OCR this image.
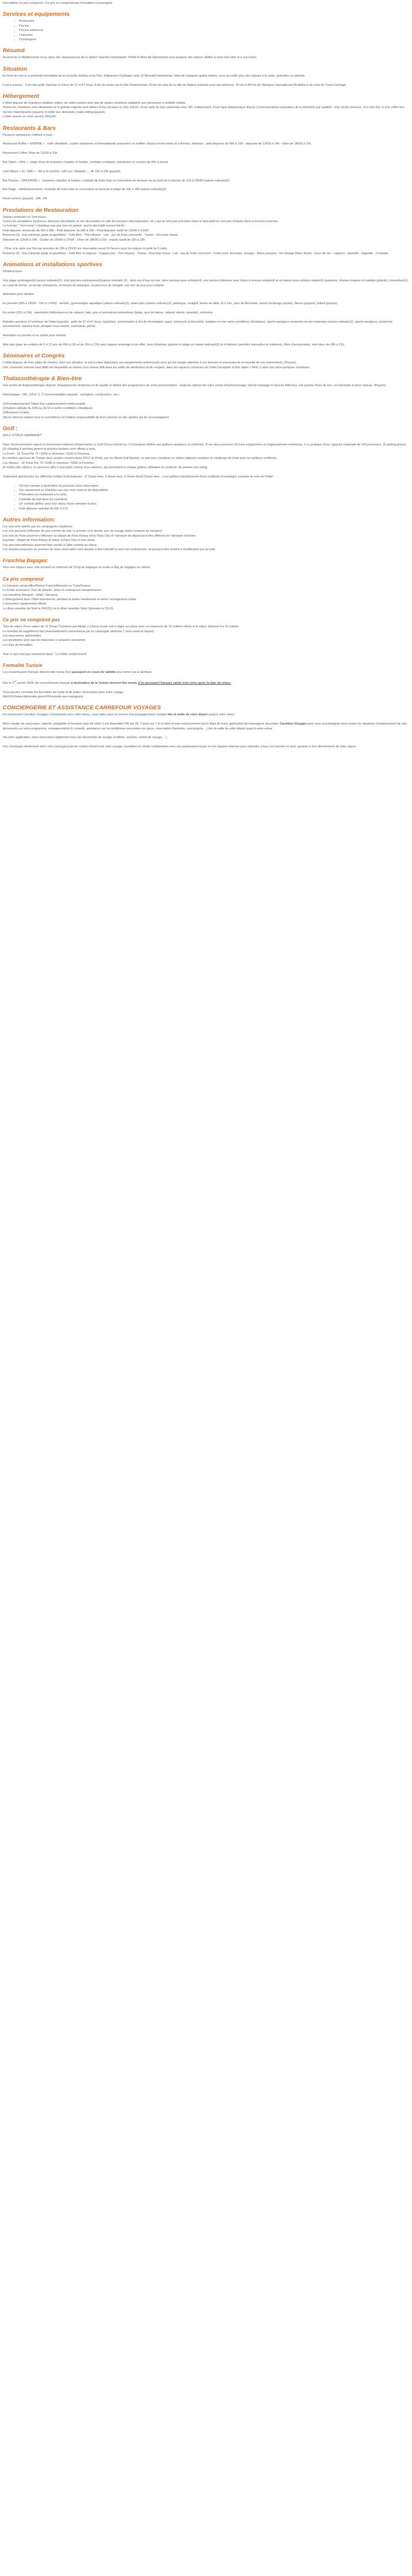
Description Ce prix comprend / Ce prix ne comprend pas Formalités Conciergerie

Services et équipements
• Restaurant
• Piscine
• Piscine extérieure
• Télévision
• Conciergerie
Résumé

Au bord de la Méditerranée et au cœur des réjouissances de la station Yasmine Hammamet, l'hôtel El Mouradi Hammamet vous propose des séjours dédiés à votre bien-être et à vos loisirs.

Situation

En front de mer et à proximité immédiate de la nouvelle médina et du Parc d'attraction Carthage Land, El Mouradi Hammamet, hôtel de catégorie quatre étoiles, vous accueille pour des séjours à la carte, animation ou détente.

Il est à environ : 6 km des golfs Yasmine et Citrus de 27 et 47 trous, 8 km du centre de la ville d'Hammamet, 20 km de celui de la ville de Nabeul (réputée pour ses poteries), 30 km et 80 km de l'Aéroport International d'Enfidha et de celui de Tunis-Carthage.

Hébergement

L'hôtel dispose de chambres doubles, triples, de suites juniors ainsi que de quatre chambres adaptées aux personnes à mobilité réduite.
Toutes les chambres sont climatisées et la grande majorité sont dotées d'une terrasse ou d'un balcon, d'une salle de bain spacieuse avec WC indépendant, d'une ligne téléphonique directe (communications payantes), de la télévision par satellite , d'un sèche-cheveux, d'un mini-bar et d'un coffre-fort. Service blanchisserie (payant), lit bébé (sur demande), baby-sitting (payant).
L'hôtel assure un room service 24h/24h.

Restaurants & Bars

Plusieurs ambiances s'offrent à vous :

Restaurant Buffet « NISRINE » : salle climatisée, cuisine tunisienne et internationale proposées en buffets chaud et froid variés et à thèmes. Horaires : petit déjeuner de 06h à 10h - déjeuner de 12h30 à 14h - dîner de 18h30 à 21h.

Restaurant Coffee Shop de 12h30 à 15h.

Bar Salon « IRIS » : large choix de boissons chaudes et froides, cocktails exotiques, spectacles en soirées de 09h à minuit.

Café Maure « EL OND » : thé à la menthe, café turc, Narguilé...., de 15h à 23h (payant).

Bar Piscine « ORCHIDÉE » : boissons chaudes et froides, cocktails de fruits frais ou concentrés en terrasse ou au bord de la piscine de 10h à 23h30 (saison estivale)(2).

Bar Plage : rafraîchissements, cocktails de fruits frais ou concentrés au bord de la plage de 10h à 18h (saison estivale)(2).

Room service (payant) : 24h. /24.

Prestations de Restauration

Séjours proposés en Tout inclus.
Toutes les prestations (boissons, boissons alcoolisées et non-alcoolisées et café de marques internationales, etc.) qui ne sont pas précisées dans le descriptif ne sont pas incluses dans la formule réservée.
La formule " Tout inclus" n'implique pas que tout est gratuit, seul le descriptif suivant fait foi :
Petit déjeuner américain de 06h à 08h - Petit déjeuner de 08h à 10h - Petit-déjeuner tardif de 10h00 à 11h30.
Boissons (3) : Eau minérale (plate et gazéifiée) - Café filtre - Thé infusion - Lait - Jus de fruits concentré - Tisane - Chocolat chaud.
Déjeuner de 12h30 à 14h - Goûter de 15h00 à 17h00 - Dîner de 18h30 à 21h - snacks tardif de 22h à 23h.

- Dîner à la carte une fois par semaine de 19h à 21h30 sur réservation avant 24 heures pour les séjours à partir de 5 nuits.
Boissons (3) : Eau minérale (plate et gazéifiée) - Café filtre et express - Cappuccino - Thé infusion - Tisane - Chocolat chaud - Lait - Jus de fruits concentré - Soda (cola, limonade, orange) - Bière pression - Vin (Rouge Blanc Rosé) - Eaux de Vie - Liqueurs - Apéritifs - Digestifs - Cocktails.

Animations et installations sportives

Infrastructures

Une plage aménagée(4) (saison estivale)(2), trois piscines extérieures(4)(saison estivale) (2) , dont une d'eau de mer, deux piscines pour enfants(4), une piscine intérieure avec bains à remous intégré(4) et un bassin pour enfants séparé(4) (parasols, chaises longues et matelas gratuits), (serviettes)(1), un court de tennis, un terrain omnisports, un terrain de pétanque, un parcours de minigolf, une aire de jeux pour enfants.

Animation pour adultes

En journée (09h à 12h00 - 15h à 17h30) : aérobic, gymnastique aquatique (saison estivale)(2), water-polo (saison estivale)(2), pétanque, minigolf, tennis de table, tir à l'arc, jeux de fléchettes, tennis (éclairage payant), fitness (payant), billard (payant).

En soirée (21h à 23h) : spectacles folkloriques et de cabaret, fakir, jeux et animations interactives (bingo, jeux de danse, cabaret clients, karaoké), orchestre.

Activités sportives à l'extérieur de l'hôtel (payant) : golfs de 27 et 47 trous, équitation, promenades à dos de dromadaire, quad, motocycle et bicyclette, balades en mer selon conditions climatiques, sports nautiques motorisés et non-motorisés (saison estivale)(2), sports nautiques, parachute ascensionnel, banana-boat, plongée sous-marine, catamaran, pêche.

Animation en journée et en soirée pour enfants

Mini-club (pour les enfants de 5 à 12 ans de 09h à 12h et de 15h à 17h) avec espace aménagé à cet effet. Jeux d'intérieur (piscine et plage en saison estivale)(2) et d'intérieur (activités manuelles et créatives), fêtes d'anniversaire, mini disco de 20h à 21h.

Séminaires et Congrès

L'hôtel dispose de trois salles de réunion, dont une plénière, et met à votre disposition ses équipements audiovisuels ainsi qu'une équipe attentive à vos besoins et soucieuse de la réussite de vos événements. (Payant).
Une connexion Internet haut débit est disponible au travers d'un réseau Wifi dans les salles de séminaires et de congrès, dans les espaces communs de l'hôtel (réception et Bar Salon « IRIS ») ainsi que dans quelques chambres.

Thalassothérapie & Bien-être

Son centre de thalassothérapie dispose d'équipements modernes et de qualité et délivre des programmes de soins personnalisés : vingt-six cabines de soins (soins d'hydromassage, hall de massage et douche filiforme), une piscine d'eau de mer, un hammam et deux saunas. (Payant).

Informatique : 24h. /24 et 7j. /7 (consommables payants : seringues, compresses, etc.).

(1)Prestation/savant l'objet d'un cautionnement remboursable
(2)Saison estivale du 1/05 au 31/10 et selon conditions climatiques
(3)Boissons locales
(4)Les mineurs restent sous la surveillance et l'entière responsabilité de leurs parents ou des adultes qui les accompagnent.

Golf :

GOLF CITRUS HAMMAMET

Dans l'environnement naturel et doucement vallonné d'Hammamet, le Golf Citrus s'étend sur 173 hectares dédiés aux golfeurs amateurs et confirmés. À ses deux parcours 18 trous engazonnés et soigneusement entretenus, il s'y pratique d'une capacité maximale de 120 personnes, (5 putting-greens, (5) chipping & pitching greens et practice bunkers sont offerts à vous.
La Forêt - 18 Trous Par 72 / 6066 m Hommes / 5235 m Femmes
En meilleur parcours de Tunisie deux années consécutives (2017 et 2018), par les World Golf Awards, ce parcours complexe en milieu vallonné constitue un challenge de choix pour les golfeurs confirmés.
Les Oliviers - 18 Trous Par 72 / 6106 m Hommes / 5290 m Femmes
À l'ombre des oliviers, ce parcours offre à tous plats comme tous volumes, qui permettent à chaque golfeur, débutant ou confirmé, de parfaire son swing.

Traitement spécial pour les différents forfaits Golf proposés : (2 Green fees, 3 Green fees, 4 Green fees5 Green fees...) nos golfeurs bénéficieront d'une multitude d'avantages suivants au sein de l'hôtel :

• Service navette à destination du parcours sous réservation.
• Sur classement en chambre vue mer sous réserve de disponibilité.
• Priorisation au restaurant à la carte.
• Corbeille de fruit dans les chambres.
• Un cocktail golfeur pour tout séjour d'une semaine et plus.
• Petit déjeuner anticipé de 06h à 07h.
Autres information:

Les vols sont opérés par les compagnies régulières.
Les vols peuvent s'effectuer de jour comme de nuit, le premier et le dernier jour du voyage étant consacré au transport.
Les vols de Paris pourront s'effectuer au départ de Paris Roissy et/ou Paris Orly et l'aéroport de départ peut être différent de l'aéroport d'arrivée.
Exemple : départ de Paris Roissy et retour à Paris Orly et vice-versa.
Les vols internationaux pourront faire escale à l'aller comme au retour.
Les horaires proposés au moment de votre réservation sont donnés à titre indicatif et sont non contractuels. Ils peuvent être soumis à modification par la suite.

Franchise Bagages:

Tous nos Séjours avec vols incluent un minimum de 23 kg de bagages en soute et 8kg de bagages en cabine.

Ce prix comprend

Le transport aérien Aller/Retour France/Monastir ou Tunis/France.
Le forfait assistance, frais de dossier, taxes et redevances aéroportuaires.
Les transferts Aéroport - Hôtel - Aéroport.
L'hébergement dans l'hôtel sélectionné, pendant la durée mentionnée et selon l'arrangement choisi.
L'assurance rapatriement offerte.
Le dîner-réveillon de Noël le 24/12(1) et le dîner réveillon Saint Sylvestre le 31/12).

Ce prix ne comprend pas

Taxe de séjour d'une valeur de 12 Dinars Tunisiens par Adulte (+12ans) et par nuit à régler sur place avec un maximum de 10 nuitées même si le séjour dépasse les 10 nuitées
Le montant du supplément fuel (éventuellement communiqué par la compagnie aérienne 1 mois avant le départ).
Les assurances optionnelles.
Les pourboires ainsi que les dépenses à caractère personnel.
Les frais de formalités.

Tout ce qui n'est pas mentionné dans " Le forfait comprennent".

Formalité Tunisie

Les ressortissants français doivent être munis d'un passeport en cours de validité pour entrer sur le territoire.

Dès le 1er janvier 2025, les ressortissants français à destination de la Tunisie devront être munis d'un passeport français valide trois mois après la date de retour.

Vous pouvez consulter les formalités de sortie et de police nécessaires pour votre voyage.
httpXXXXwww.diplomatie.gouv.fr/fr/conseils-aux-voyageurs/

CONCIERGERIE ET ASSISTANCE CARREFOUR VOYAGES

En choisissant Carrefour Voyages Conciergerie pour votre séjour, vous optez pour un service d'accompagnement complet dès la veille de votre départ jusqu'à votre retour.

Notre équipe de concierges, experte, polyglotte et humaine (pas de robot !) est disponible 24h sur 24, 7 jours sur 7 et à votre écoute exclusivement par le biais de notre application de messagerie sécurisée, Carrefour Voyages pour vous accompagner dans toutes les situations (remplacement de vols, documents sur votre programme, renseignements & conseils, assistance sur les problèmes rencontrés sur place, réservation d'activités, conciergerie,...) dès la veille de votre départ jusqu'à votre retour.

Via votre application, vous retrouverez également tous vos documents de voyage (e-billets, voucher, carnet de voyage, ...)

Vos concierges deviennent alors votre principal point de contact durant tout votre voyage, travaillant en étroite collaboration avec nos partenaires locaux et nos équipes internes pour répondre à tous vos besoins et ainsi, garantir le bon déroulement de votre séjour.
